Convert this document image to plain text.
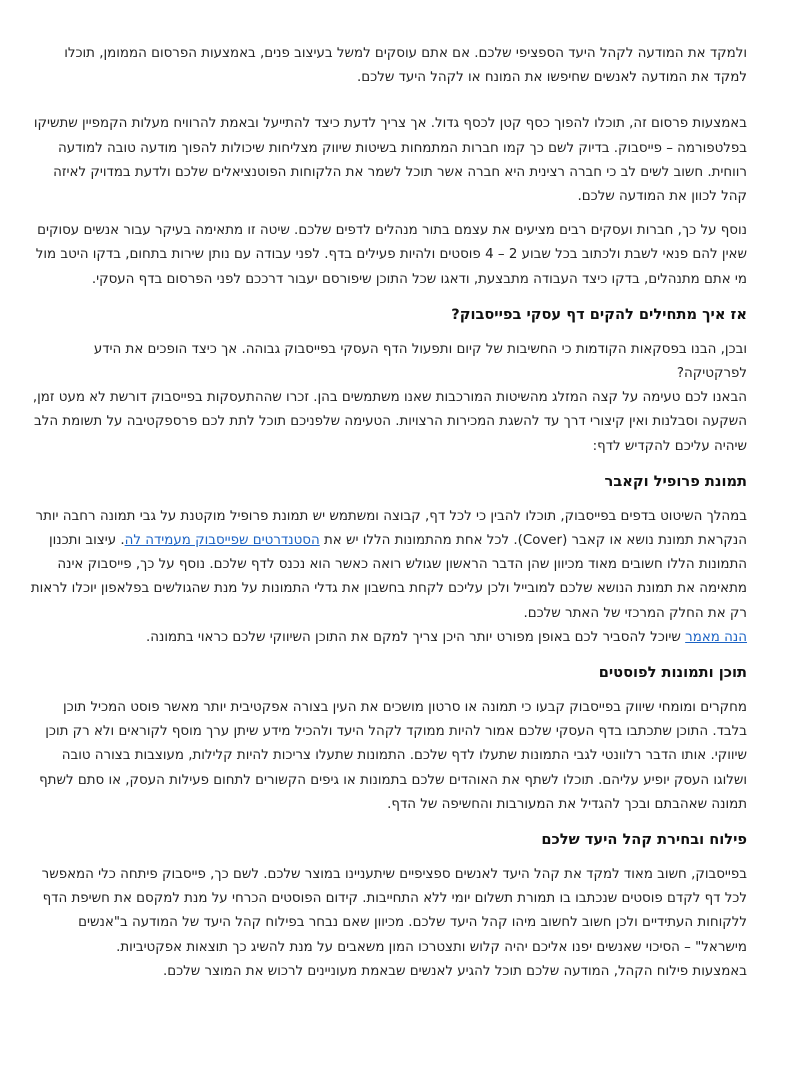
ולמקד את המודעה לקהל היעד הספציפי שלכם. אם אתם עוסקים למשל בעיצוב פנים, באמצעות הפרסום הממומן, תוכלו למקד את המודעה לאנשים שחיפשו את המונח או לקהל היעד שלכם.

באמצעות פרסום זה, תוכלו להפוך כסף קטן לכסף גדול. אך צריך לדעת כיצד להתייעל ובאמת להרוויח מעלות הקמפיין שתשיקו בפלטפורמה – פייסבוק. בדיוק לשם כך קמו חברות המתמחות בשיטות שיווק מצליחות שיכולות להפוך מודעה טובה למודעה רווחית. חשוב לשים לב כי חברה רצינית היא חברה אשר תוכל לשמר את הלקוחות הפוטנציאלים שלכם ולדעת במדויק לאיזה קהל לכוון את המודעה שלכם.

נוסף על כך, חברות ועסקים רבים מציעים את עצמם בתור מנהלים לדפים שלכם. שיטה זו מתאימה בעיקר עבור אנשים עסוקים שאין להם פנאי לשבת ולכתוב בכל שבוע 2 – 4 פוסטים ולהיות פעילים בדף. לפני עבודה עם נותן שירות בתחום, בדקו היטב מול מי אתם מתנהלים, בדקו כיצד העבודה מתבצעת, ודאגו שכל התוכן שיפורסם יעבור דרככם לפני הפרסום בדף העסקי.

אז איך מתחילים להקים דף עסקי בפייסבוק?

ובכן, הבנו בפסקאות הקודמות כי החשיבות של קיום ותפעול הדף העסקי בפייסבוק גבוהה. אך כיצד הופכים את הידע לפרקטיקה?

הבאנו לכם טעימה על קצה המזלג מהשיטות המורכבות שאנו משתמשים בהן. זכרו שההתעסקות בפייסבוק דורשת לא מעט זמן, השקעה וסבלנות ואין קיצורי דרך עד להשגת המכירות הרצויות. הטעימה שלפניכם תוכל לתת לכם פרספקטיבה על תשומת הלב שיהיה עליכם להקדיש לדף:

תמונת פרופיל וקאבר

במהלך השיטוט בדפים בפייסבוק, תוכלו להבין כי לכל דף, קבוצה ומשתמש יש תמונת פרופיל מוקטנת על גבי תמונה רחבה יותר הנקראת תמונת נושא או קאבר (Cover). לכל אחת מהתמונות הללו יש את הסטנדרטים שפייסבוק מעמידה לה. עיצוב ותכנון התמונות הללו חשובים מאוד מכיוון שהן הדבר הראשון שגולש רואה כאשר הוא נכנס לדף שלכם. נוסף על כך, פייסבוק אינה מתאימה את תמונת הנושא שלכם למובייל ולכן עליכם לקחת בחשבון את גדלי התמונות על מנת שהגולשים בפלאפון יוכלו לראות רק את החלק המרכזי של האתר שלכם.

הנה מאמר שיוכל להסביר לכם באופן מפורט יותר היכן צריך למקם את התוכן השיווקי שלכם כראוי בתמונה.

תוכן ותמונות לפוסטים

מחקרים ומומחי שיווק בפייסבוק קבעו כי תמונה או סרטון מושכים את העין בצורה אפקטיבית יותר מאשר פוסט המכיל תוכן בלבד. התוכן שתכתבו בדף העסקי שלכם אמור להיות ממוקד לקהל היעד ולהכיל מידע שיתן ערך מוסף לקוראים ולא רק תוכן שיווקי. אותו הדבר רלוונטי לגבי התמונות שתעלו לדף שלכם. התמונות שתעלו צריכות להיות קלילות, מעוצבות בצורה טובה ושלוגו העסק יופיע עליהם. תוכלו לשתף את האוהדים שלכם בתמונות או גיפים הקשורים לתחום פעילות העסק, או סתם לשתף תמונה שאהבתם ובכך להגדיל את המעורבות והחשיפה של הדף.

פילוח ובחירת קהל היעד שלכם

בפייסבוק, חשוב מאוד למקד את קהל היעד לאנשים ספציפיים שיתעניינו במוצר שלכם. לשם כך, פייסבוק פיתחה כלי המאפשר לכל דף לקדם פוסטים שנכתבו בו תמורת תשלום יומי ללא התחייבות. קידום הפוסטים הכרחי על מנת למקסם את חשיפת הדף ללקוחות העתידיים ולכן חשוב לחשוב מיהו קהל היעד שלכם. מכיוון שאם נבחר בפילוח קהל היעד של המודעה ב"אנשים מישראל" – הסיכוי שאנשים יפנו אליכם יהיה קלוש ותצטרכו המון משאבים על מנת להשיג כך תוצאות אפקטיביות.

באמצעות פילוח הקהל, המודעה שלכם תוכל להגיע לאנשים שבאמת מעוניינים לרכוש את המוצר שלכם.
